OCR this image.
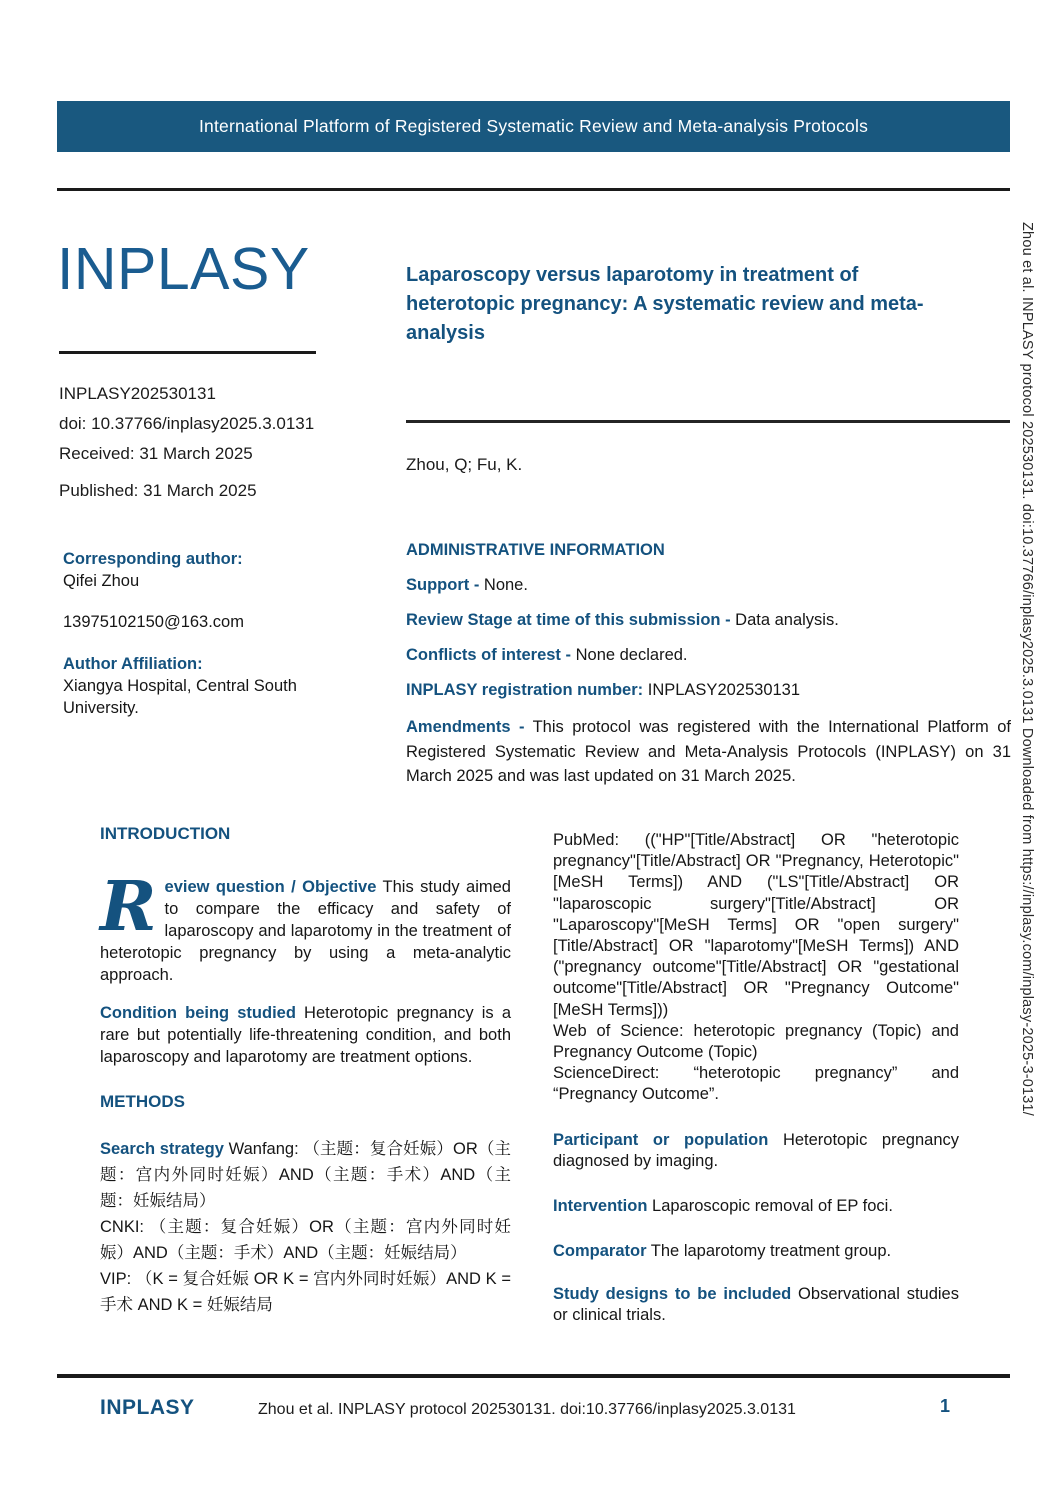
International Platform of Registered Systematic Review and Meta-analysis Protocols
INPLASY
INPLASY202530131
doi: 10.37766/inplasy2025.3.0131
Received: 31 March 2025
Published: 31 March 2025
Laparoscopy versus laparotomy in treatment of heterotopic pregnancy: A systematic review and meta-analysis
Zhou, Q; Fu, K.
Corresponding author:
Qifei Zhou
13975102150@163.com
Author Affiliation:
Xiangya Hospital, Central South University.
ADMINISTRATIVE INFORMATION

Support - None.

Review Stage at time of this submission - Data analysis.

Conflicts of interest - None declared.

INPLASY registration number: INPLASY202530131

Amendments - This protocol was registered with the International Platform of Registered Systematic Review and Meta-Analysis Protocols (INPLASY) on 31 March 2025 and was last updated on 31 March 2025.

INTRODUCTION

Review question / Objective This study aimed to compare the efficacy and safety of laparoscopy and laparotomy in the treatment of heterotopic pregnancy by using a meta-analytic approach.

Condition being studied Heterotopic pregnancy is a rare but potentially life-threatening condition, and both laparoscopy and laparotomy are treatment options.

METHODS

Search strategy Wanfang: （主题：复合妊娠）OR（主题：宫内外同时妊娠）AND（主题：手术）AND（主题：妊娠结局）
CNKI: （主题：复合妊娠）OR（主题：宫内外同时妊娠）AND（主题：手术）AND（主题：妊娠结局）
VIP: （K = 复合妊娠 OR K = 宫内外同时妊娠）AND K = 手术 AND K = 妊娠结局

PubMed: (("HP"[Title/Abstract] OR "heterotopic pregnancy"[Title/Abstract] OR "Pregnancy, Heterotopic"[MeSH Terms]) AND ("LS"[Title/Abstract] OR "laparoscopic surgery"[Title/Abstract] OR "Laparoscopy"[MeSH Terms] OR "open surgery"[Title/Abstract] OR "laparotomy"[MeSH Terms]) AND ("pregnancy outcome"[Title/Abstract] OR "gestational outcome"[Title/Abstract] OR "Pregnancy Outcome"[MeSH Terms]))
Web of Science: heterotopic pregnancy (Topic) and Pregnancy Outcome (Topic)
ScienceDirect: “heterotopic pregnancy” and “Pregnancy Outcome”.

Participant or population Heterotopic pregnancy diagnosed by imaging.

Intervention Laparoscopic removal of EP foci.

Comparator The laparotomy treatment group.

Study designs to be included Observational studies or clinical trials.

Zhou et al. INPLASY protocol 202530131. doi:10.37766/inplasy2025.3.0131 Downloaded from https://inplasy.com/inplasy-2025-3-0131/
INPLASY	Zhou et al. INPLASY protocol 202530131. doi:10.37766/inplasy2025.3.0131	1
